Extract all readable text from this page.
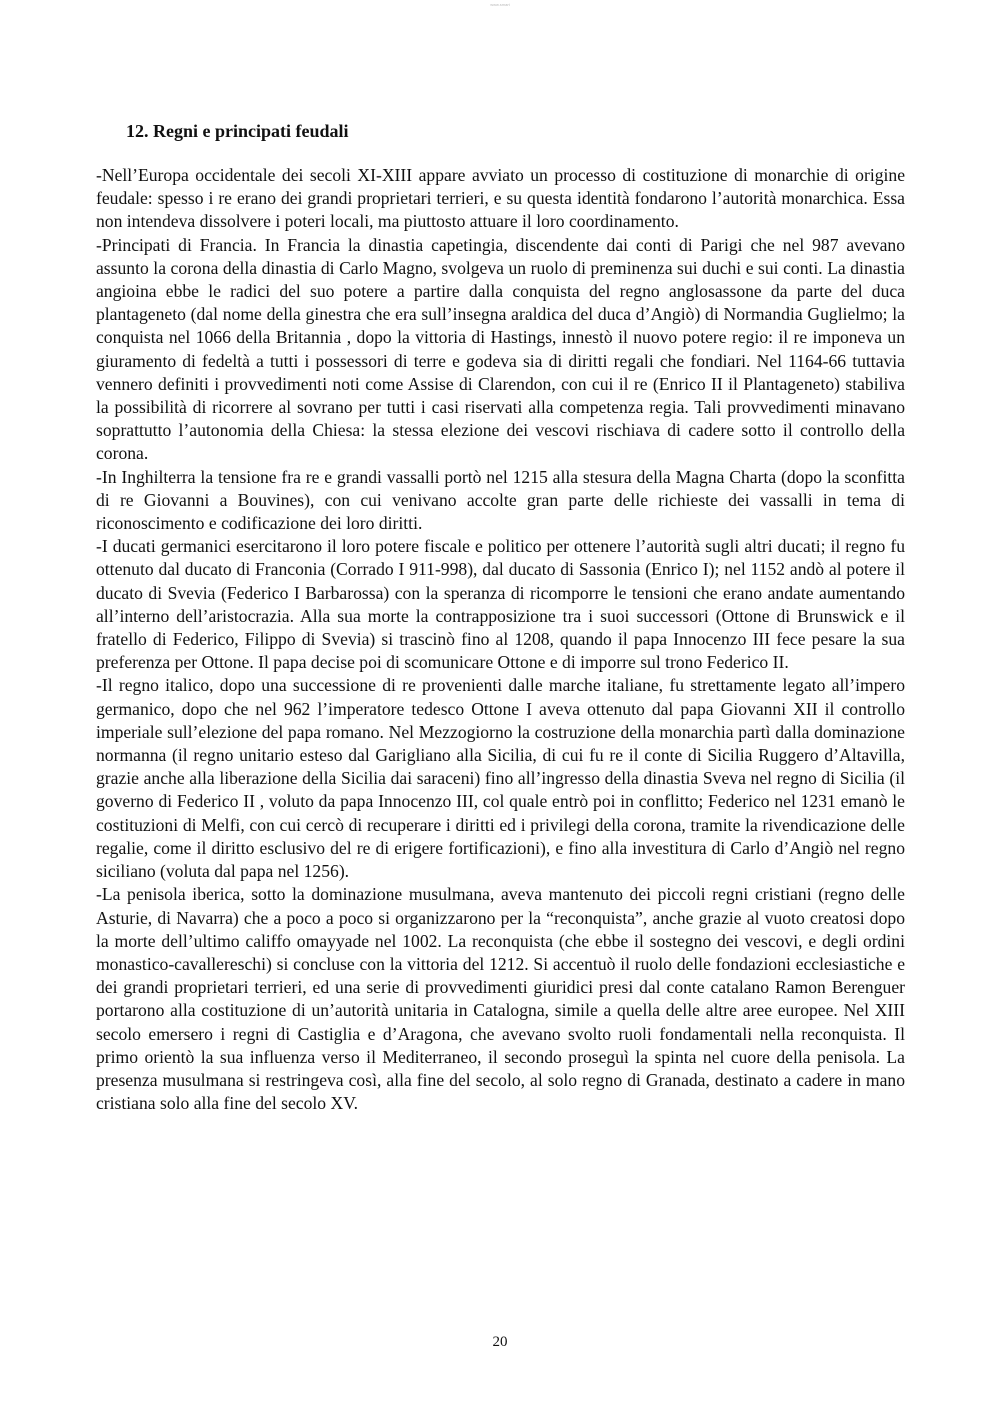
www.smart
12. Regni e principati feudali

-Nell’Europa occidentale dei secoli XI-XIII appare avviato un processo di costituzione di monarchie di origine feudale: spesso i re erano dei grandi proprietari terrieri, e su questa identità fondarono l’autorità monarchica. Essa non intendeva dissolvere i poteri locali, ma piuttosto attuare il loro coordinamento.

-Principati di Francia. In Francia la dinastia capetingia, discendente dai conti di Parigi che nel 987 avevano assunto la corona della dinastia di Carlo Magno, svolgeva un ruolo di preminenza sui duchi e sui conti. La dinastia angioina ebbe le radici del suo potere a partire dalla conquista del regno anglosassone da parte del duca plantageneto (dal nome della ginestra che era sull’insegna araldica del duca d’Angiò) di Normandia Guglielmo; la conquista nel 1066 della Britannia , dopo la vittoria di Hastings, innestò il nuovo potere regio: il re imponeva un giuramento di fedeltà a tutti i possessori di terre e godeva sia di diritti regali che fondiari. Nel 1164-66 tuttavia vennero definiti i provvedimenti noti come Assise di Clarendon, con cui il re (Enrico II il Plantageneto) stabiliva la possibilità di ricorrere al sovrano per tutti i casi riservati alla competenza regia. Tali provvedimenti minavano soprattutto l’autonomia della Chiesa: la stessa elezione dei vescovi rischiava di cadere sotto il controllo della corona.

-In Inghilterra la tensione fra re e grandi vassalli portò nel 1215 alla stesura della Magna Charta (dopo la sconfitta di re Giovanni a Bouvines), con cui venivano accolte gran parte delle richieste dei vassalli in tema di riconoscimento e codificazione dei loro diritti.

-I ducati germanici esercitarono il loro potere fiscale e politico per ottenere l’autorità sugli altri ducati; il regno fu ottenuto dal ducato di Franconia (Corrado I 911-998), dal ducato di Sassonia (Enrico I); nel 1152 andò al potere il ducato di Svevia (Federico I Barbarossa) con la speranza di ricomporre le tensioni che erano andate aumentando all’interno dell’aristocrazia. Alla sua morte la contrapposizione tra i suoi successori (Ottone di Brunswick e il fratello di Federico, Filippo di Svevia) si trascinò fino al 1208, quando il papa Innocenzo III fece pesare la sua preferenza per Ottone. Il papa decise poi di scomunicare Ottone e di imporre sul trono Federico II.

-Il regno italico, dopo una successione di re provenienti dalle marche italiane, fu strettamente legato all’impero germanico, dopo che nel 962 l’imperatore tedesco Ottone I aveva ottenuto dal papa Giovanni XII il controllo imperiale sull’elezione del papa romano. Nel Mezzogiorno la costruzione della monarchia partì dalla dominazione normanna (il regno unitario esteso dal Garigliano alla Sicilia, di cui fu re il conte di Sicilia Ruggero d’Altavilla, grazie anche alla liberazione della Sicilia dai saraceni) fino all’ingresso della dinastia Sveva nel regno di Sicilia (il governo di Federico II , voluto da papa Innocenzo III, col quale entrò poi in conflitto; Federico nel 1231 emanò le costituzioni di Melfi, con cui cercò di recuperare i diritti ed i privilegi della corona, tramite la rivendicazione delle regalie, come il diritto esclusivo del re di erigere fortificazioni), e fino alla investitura di Carlo d’Angiò nel regno siciliano (voluta dal papa nel 1256).

-La penisola iberica, sotto la dominazione musulmana, aveva mantenuto dei piccoli regni cristiani (regno delle Asturie, di Navarra) che a poco a poco si organizzarono per la “reconquista”, anche grazie al vuoto creatosi dopo la morte dell’ultimo califfo omayyade nel 1002. La reconquista (che ebbe il sostegno dei vescovi, e degli ordini monastico-cavallereschi) si concluse con la vittoria del 1212. Si accentuò il ruolo delle fondazioni ecclesiastiche e dei grandi proprietari terrieri, ed una serie di provvedimenti giuridici presi dal conte catalano Ramon Berenguer portarono alla costituzione di un’autorità unitaria in Catalogna, simile a quella delle altre aree europee. Nel XIII secolo emersero i regni di Castiglia e d’Aragona, che avevano svolto ruoli fondamentali nella reconquista. Il primo orientò la sua influenza verso il Mediterraneo, il secondo proseguì la spinta nel cuore della penisola. La presenza musulmana si restringeva così, alla fine del secolo, al solo regno di Granada, destinato a cadere in mano cristiana solo alla fine del secolo XV.

20
